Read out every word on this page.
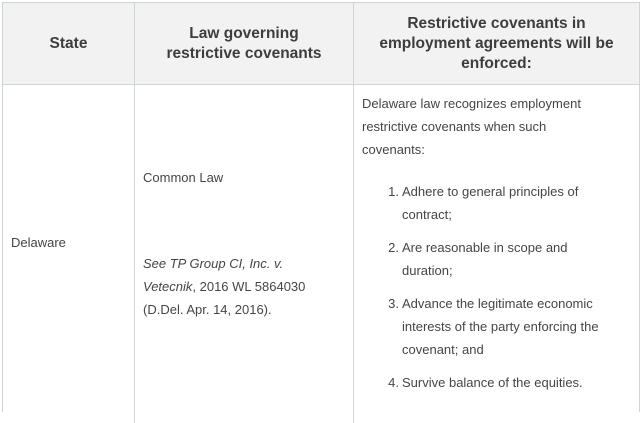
State
Law governing
restrictive covenants
Restrictive covenants in
employment agreements will be
enforced:
Delaware
Common Law
See TP Group CI, Inc. v.
Vetecnik, 2016 WL 5864030
(D.Del. Apr. 14, 2016).
Delaware law recognizes employment
restrictive covenants when such
covenants:
1. Adhere to general principles of
contract;
2. Are reasonable in scope and
duration;
3. Advance the legitimate economic
interests of the party enforcing the
covenant; and
4. Survive balance of the equities.
